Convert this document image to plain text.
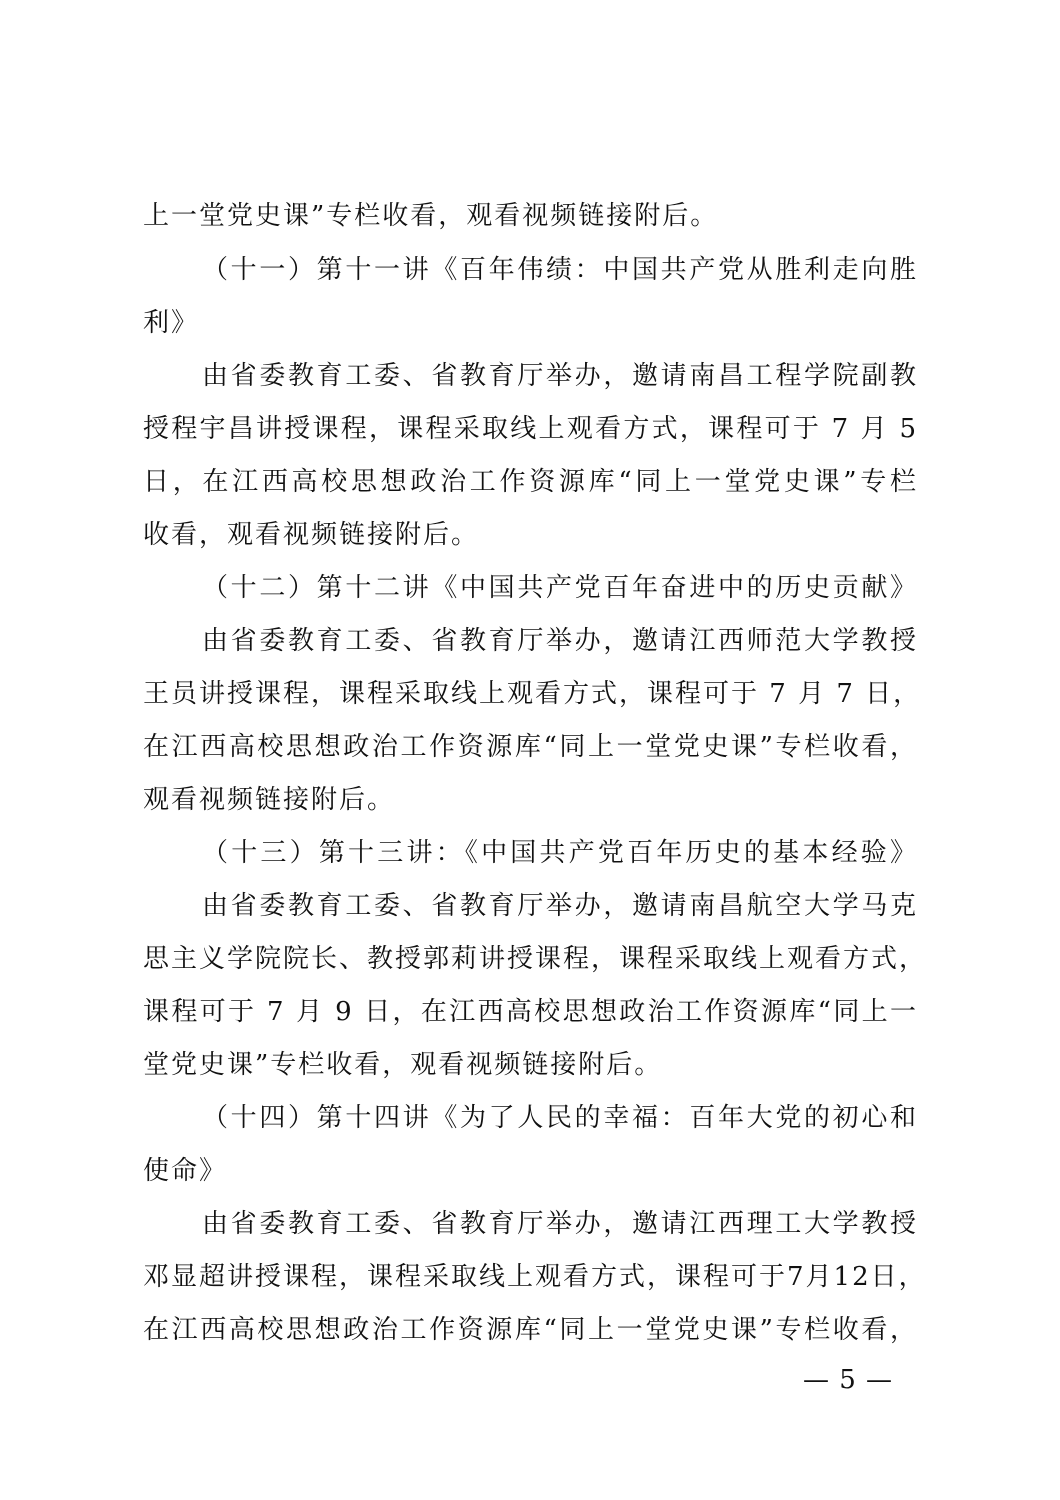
上一堂党史课”专栏收看，观看视频链接附后。
（十一）第十一讲《百年伟绩：中国共产党从胜利走向胜
利》
由省委教育工委、省教育厅举办，邀请南昌工程学院副教
授程宇昌讲授课程，课程采取线上观看方式，课程可于 7 月 5
日，在江西高校思想政治工作资源库“同上一堂党史课”专栏
收看，观看视频链接附后。
（十二）第十二讲《中国共产党百年奋进中的历史贡献》
由省委教育工委、省教育厅举办，邀请江西师范大学教授
王员讲授课程，课程采取线上观看方式，课程可于 7 月 7 日，
在江西高校思想政治工作资源库“同上一堂党史课”专栏收看，
观看视频链接附后。
（十三）第十三讲：《中国共产党百年历史的基本经验》
由省委教育工委、省教育厅举办，邀请南昌航空大学马克
思主义学院院长、教授郭莉讲授课程，课程采取线上观看方式，
课程可于 7 月 9 日，在江西高校思想政治工作资源库“同上一
堂党史课”专栏收看，观看视频链接附后。
（十四）第十四讲《为了人民的幸福：百年大党的初心和
使命》
由省委教育工委、省教育厅举办，邀请江西理工大学教授
邓显超讲授课程，课程采取线上观看方式，课程可于7月12日，
在江西高校思想政治工作资源库“同上一堂党史课”专栏收看，
— 5 —
